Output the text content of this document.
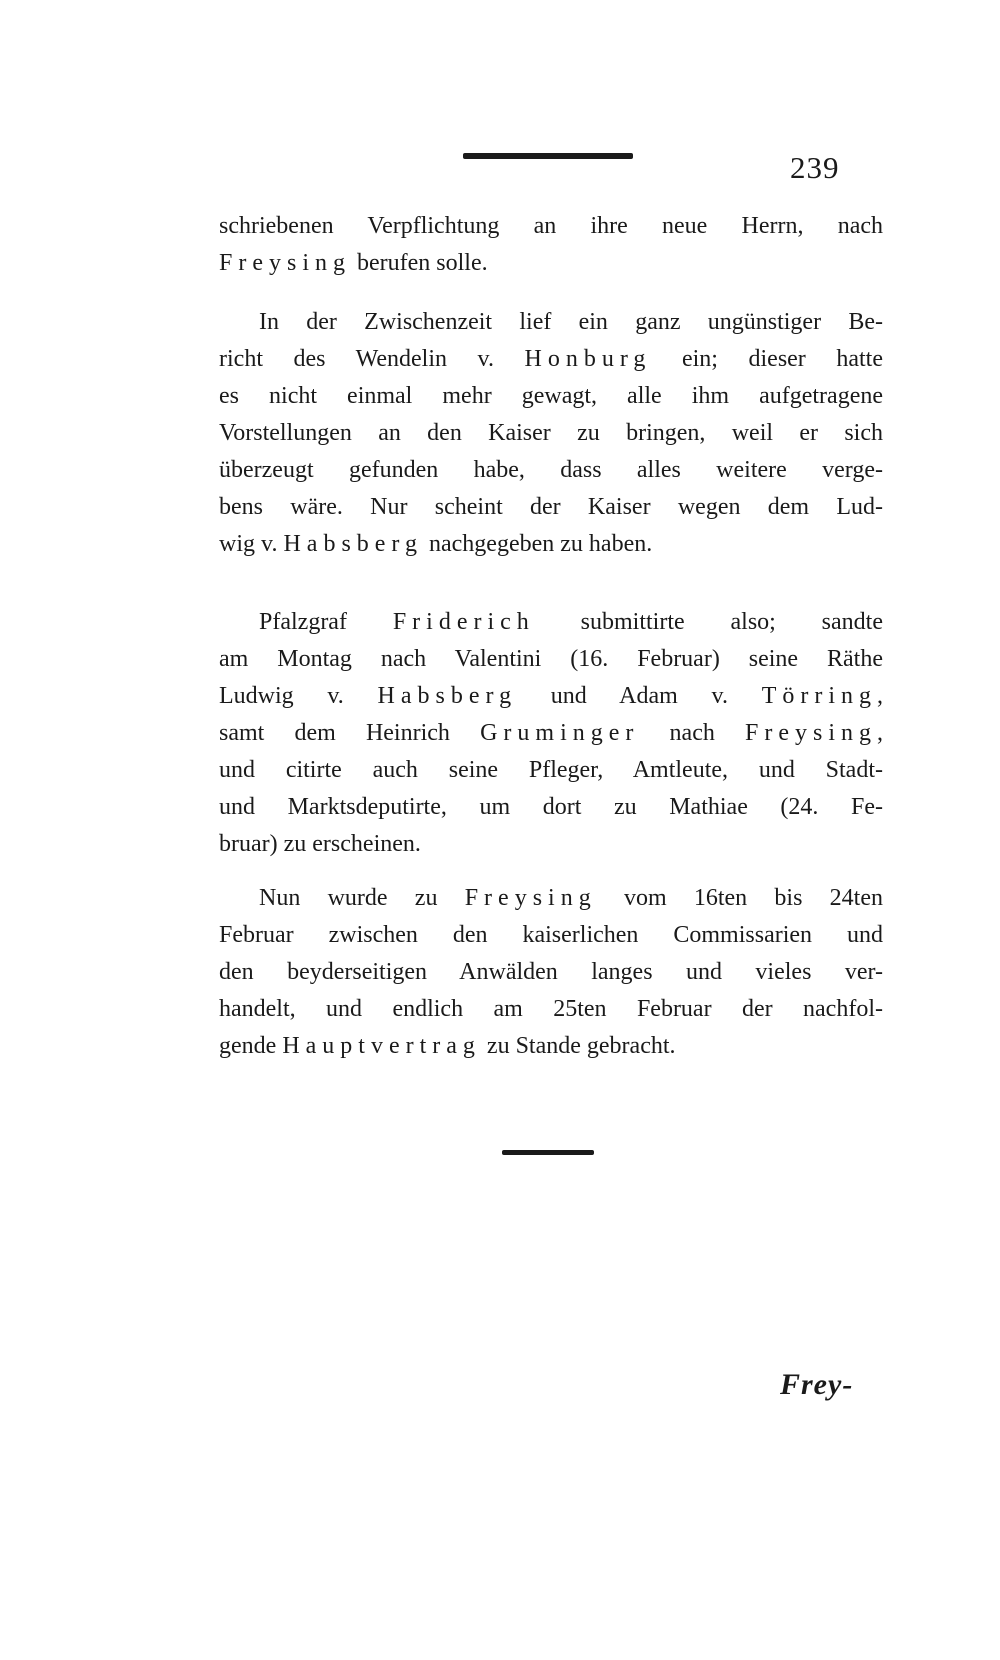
239
schriebenen Verpflichtung an ihre neue Herrn, nach
Freysing berufen solle.
In der Zwischenzeit lief ein ganz ungünstiger Be-
richt des Wendelin v. Honburg ein; dieser hatte
es nicht einmal mehr gewagt, alle ihm aufgetragene
Vorstellungen an den Kaiser zu bringen, weil er sich
überzeugt gefunden habe, dass alles weitere verge-
bens wäre. Nur scheint der Kaiser wegen dem Lud-
wig v. Habsberg nachgegeben zu haben.
Pfalzgraf Friderich submittirte also; sandte
am Montag nach Valentini (16. Februar) seine Räthe
Ludwig v. Habsberg und Adam v. Törring,
samt dem Heinrich Gruminger nach Freysing,
und citirte auch seine Pfleger, Amtleute, und Stadt-
und Marktsdeputirte, um dort zu Mathiae (24. Fe-
bruar) zu erscheinen.
Nun wurde zu Freysing vom 16ten bis 24ten
Februar zwischen den kaiserlichen Commissarien und
den beyderseitigen Anwälden langes und vieles ver-
handelt, und endlich am 25ten Februar der nachfol-
gende Hauptvertrag zu Stande gebracht.
Frey-
